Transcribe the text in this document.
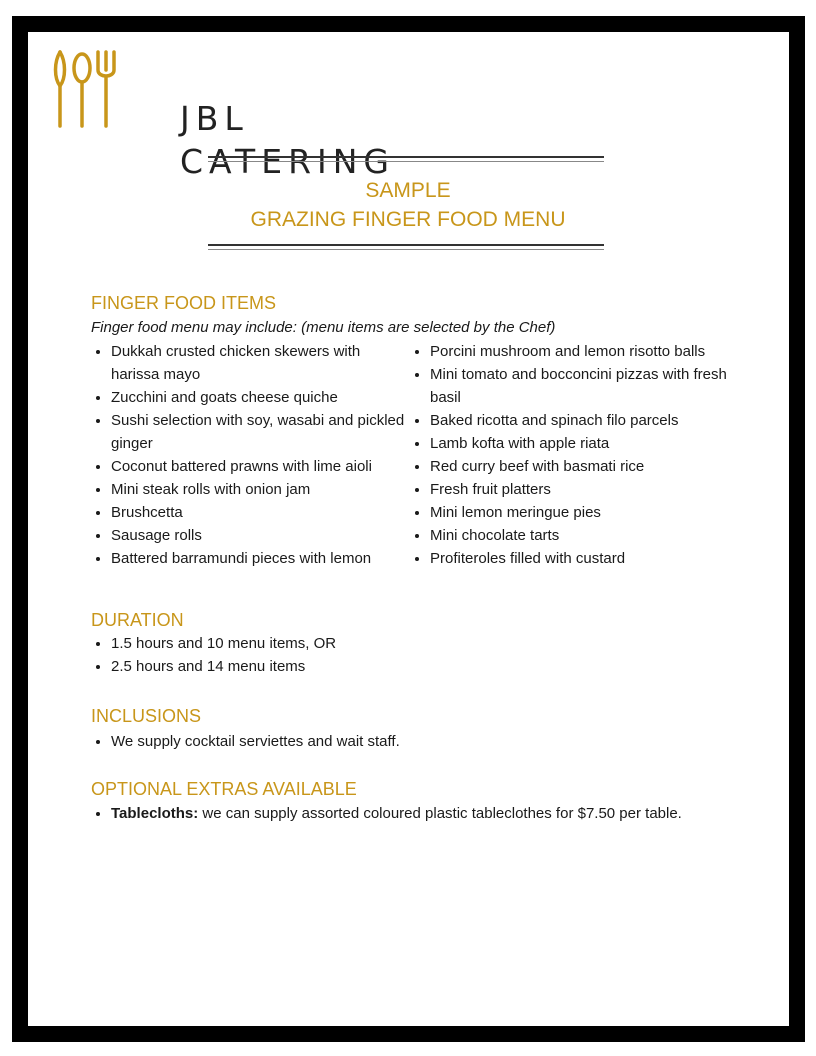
JBL
CATERING
SAMPLE
GRAZING FINGER FOOD MENU
FINGER FOOD ITEMS
Finger food menu may include: (menu items are selected by the Chef)
Dukkah crusted chicken skewers with harissa mayo
Zucchini and goats cheese quiche
Sushi selection with soy, wasabi and pickled ginger
Coconut battered prawns with lime aioli
Mini steak rolls with onion jam
Brushcetta
Sausage rolls
Battered barramundi pieces with lemon
Porcini mushroom and lemon risotto balls
Mini tomato and bocconcini pizzas with fresh basil
Baked ricotta and spinach filo parcels
Lamb kofta with apple riata
Red curry beef with basmati rice
Fresh fruit platters
Mini lemon meringue pies
Mini chocolate tarts
Profiteroles filled with custard
DURATION
1.5 hours and 10 menu items, OR
2.5 hours and 14 menu items
INCLUSIONS
We supply cocktail serviettes and wait staff.
OPTIONAL EXTRAS AVAILABLE
Tablecloths: we can supply assorted coloured plastic tableclothes for $7.50 per table.
